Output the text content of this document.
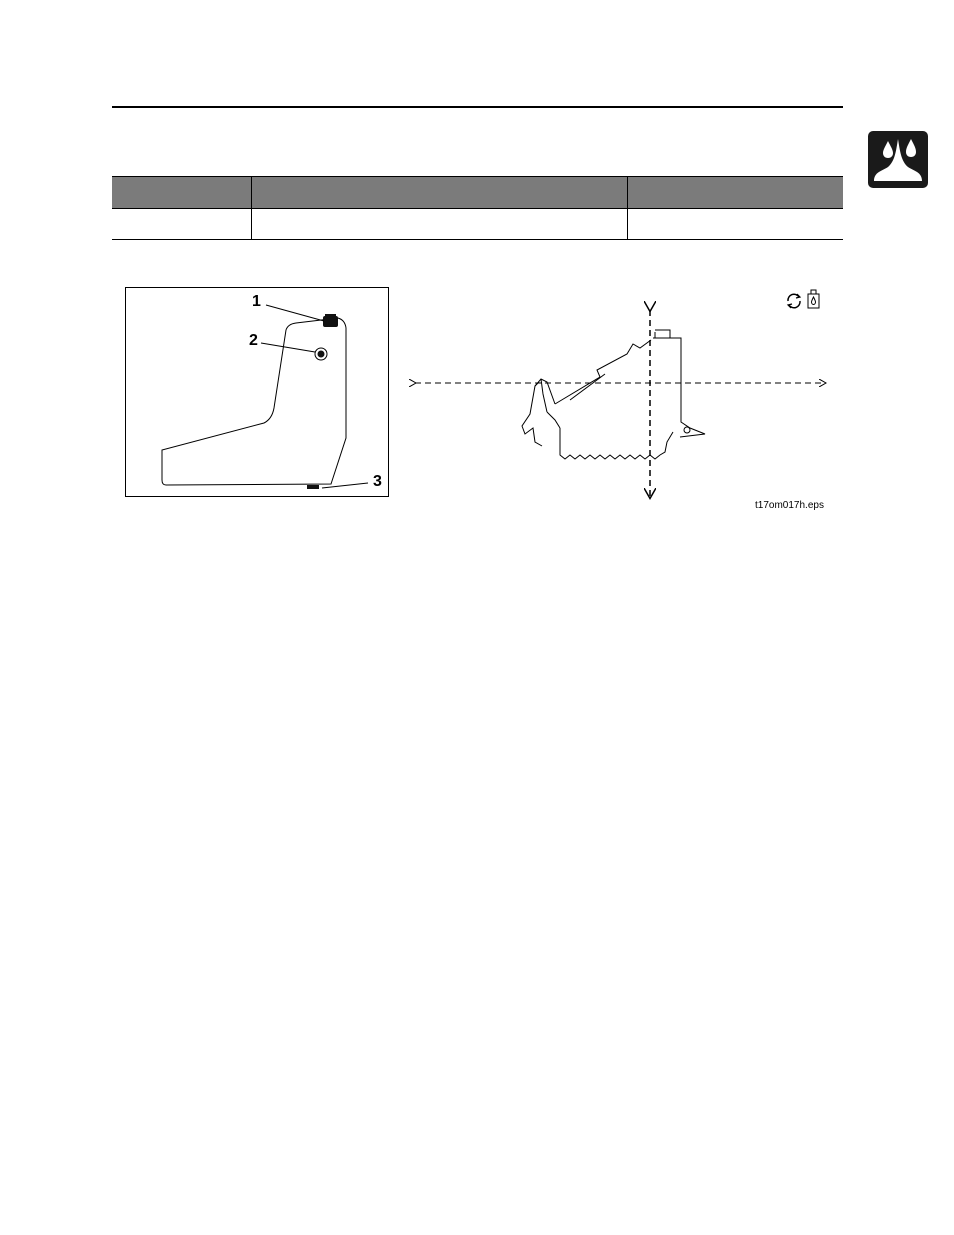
1
2
3
t17om017h.eps
